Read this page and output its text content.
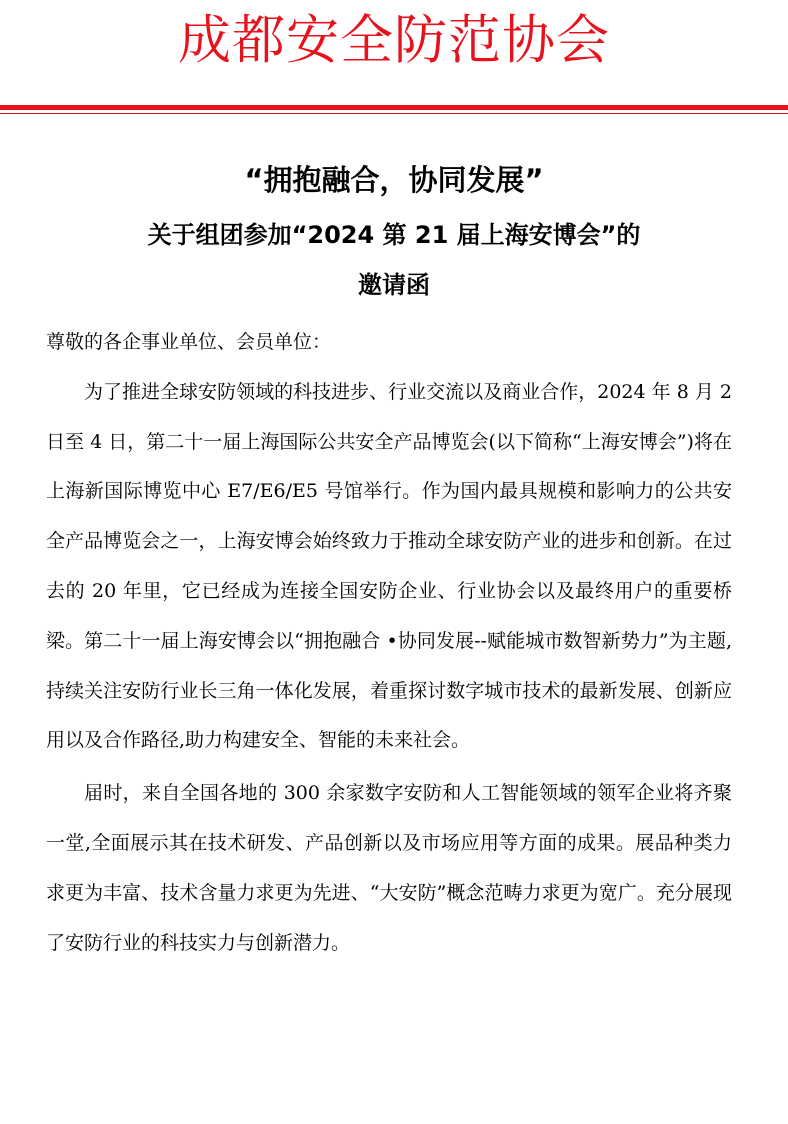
成都安全防范协会
“拥抱融合，协同发展”
关于组团参加“2024 第 21 届上海安博会”的
邀请函

尊敬的各企事业单位、会员单位：

为了推进全球安防领域的科技进步、行业交流以及商业合作，2024 年 8 月 2 日至 4 日，第二十一届上海国际公共安全产品博览会(以下简称“上海安博会”)将在上海新国际博览中心 E7/E6/E5 号馆举行。作为国内最具规模和影响力的公共安全产品博览会之一，上海安博会始终致力于推动全球安防产业的进步和创新。在过去的 20 年里，它已经成为连接全国安防企业、行业协会以及最终用户的重要桥梁。第二十一届上海安博会以“拥抱融合 •协同发展--赋能城市数智新势力”为主题,持续关注安防行业长三角一体化发展，着重探讨数字城市技术的最新发展、创新应用以及合作路径,助力构建安全、智能的未来社会。

届时，来自全国各地的 300 余家数字安防和人工智能领域的领军企业将齐聚一堂,全面展示其在技术研发、产品创新以及市场应用等方面的成果。展品种类力求更为丰富、技术含量力求更为先进、“大安防”概念范畴力求更为宽广。充分展现了安防行业的科技实力与创新潜力。
